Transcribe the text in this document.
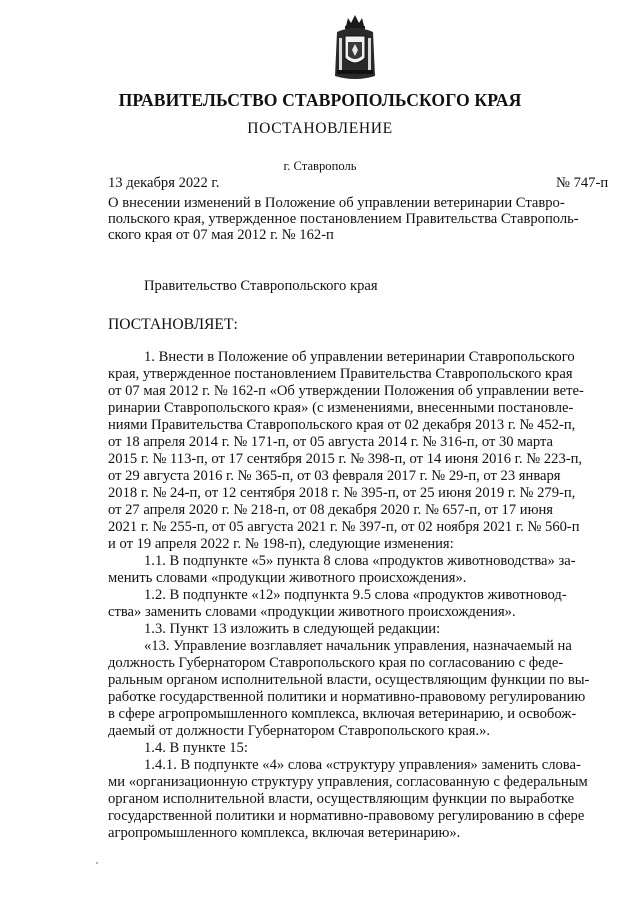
ПРАВИТЕЛЬСТВО СТАВРОПОЛЬСКОГО КРАЯ
ПОСТАНОВЛЕНИЕ
г. Ставрополь
13 декабря 2022 г.	№ 747-п
О внесении изменений в Положение об управлении ветеринарии Ставро-
польского края, утвержденное постановлением Правительства Ставрополь-
ского края от 07 мая 2012 г. № 162-п
Правительство Ставропольского края
ПОСТАНОВЛЯЕТ:
1. Внести в Положение об управлении ветеринарии Ставропольского
края, утвержденное постановлением Правительства Ставропольского края
от 07 мая 2012 г. № 162-п «Об утверждении Положения об управлении вете-
ринарии Ставропольского края» (с изменениями, внесенными постановле-
ниями Правительства Ставропольского края от 02 декабря 2013 г. № 452-п,
от 18 апреля 2014 г. № 171-п, от 05 августа 2014 г. № 316-п, от 30 марта
2015 г. № 113-п, от 17 сентября 2015 г. № 398-п, от 14 июня 2016 г. № 223-п,
от 29 августа 2016 г. № 365-п, от 03 февраля 2017 г. № 29-п, от 23 января
2018 г. № 24-п, от 12 сентября 2018 г. № 395-п, от 25 июня 2019 г. № 279-п,
от 27 апреля 2020 г. № 218-п, от 08 декабря 2020 г. № 657-п, от 17 июня
2021 г. № 255-п, от 05 августа 2021 г. № 397-п, от 02 ноября 2021 г. № 560-п
и от 19 апреля 2022 г. № 198-п), следующие изменения:
1.1. В подпункте «5» пункта 8 слова «продуктов животноводства» за-
менить словами «продукции животного происхождения».
1.2. В подпункте «12» подпункта 9.5 слова «продуктов животновод-
ства» заменить словами «продукции животного происхождения».
1.3. Пункт 13 изложить в следующей редакции:
«13. Управление возглавляет начальник управления, назначаемый на
должность Губернатором Ставропольского края по согласованию с феде-
ральным органом исполнительной власти, осуществляющим функции по вы-
работке государственной политики и нормативно-правовому регулированию
в сфере агропромышленного комплекса, включая ветеринарию, и освобож-
даемый от должности Губернатором Ставропольского края.».
1.4. В пункте 15:
1.4.1. В подпункте «4» слова «структуру управления» заменить слова-
ми «организационную структуру управления, согласованную с федеральным
органом исполнительной власти, осуществляющим функции по выработке
государственной политики и нормативно-правовому регулированию в сфере
агропромышленного комплекса, включая ветеринарию».
